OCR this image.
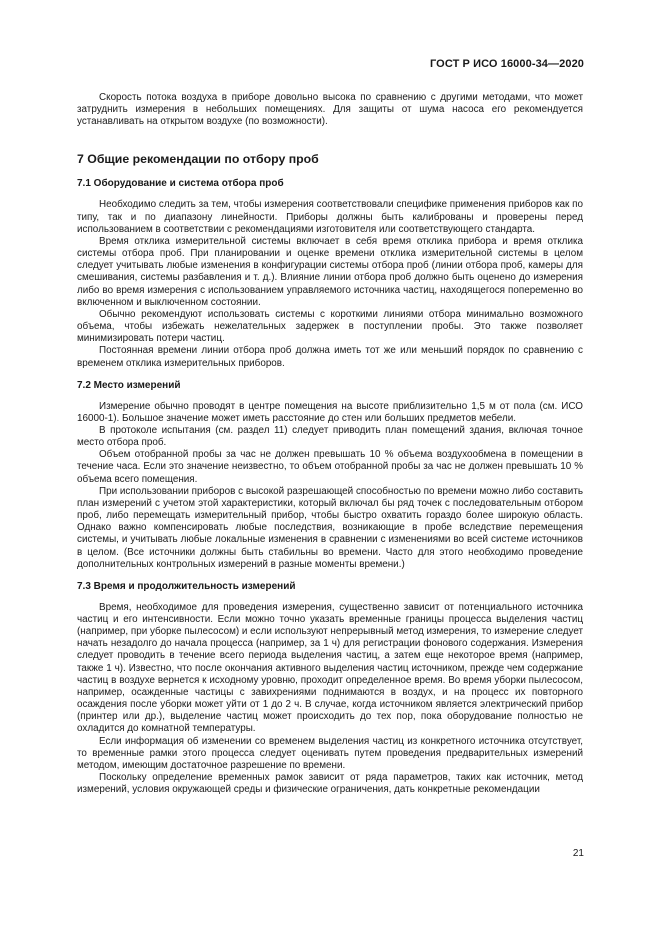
ГОСТ Р ИСО 16000-34—2020

Скорость потока воздуха в приборе довольно высока по сравнению с другими методами, что может затруднить измерения в небольших помещениях. Для защиты от шума насоса его рекомендуется устанавливать на открытом воздухе (по возможности).

7 Общие рекомендации по отбору проб
7.1 Оборудование и система отбора проб

Необходимо следить за тем, чтобы измерения соответствовали специфике применения приборов как по типу, так и по диапазону линейности. Приборы должны быть калиброваны и проверены перед использованием в соответствии с рекомендациями изготовителя или соответствующего стандарта.

Время отклика измерительной системы включает в себя время отклика прибора и время отклика системы отбора проб. При планировании и оценке времени отклика измерительной системы в целом следует учитывать любые изменения в конфигурации системы отбора проб (линии отбора проб, камеры для смешивания, системы разбавления и т. д.). Влияние линии отбора проб должно быть оценено до измерения либо во время измерения с использованием управляемого источника частиц, находящегося попеременно во включенном и выключенном состоянии.

Обычно рекомендуют использовать системы с короткими линиями отбора минимально возможного объема, чтобы избежать нежелательных задержек в поступлении пробы. Это также позволяет минимизировать потери частиц.

Постоянная времени линии отбора проб должна иметь тот же или меньший порядок по сравнению с временем отклика измерительных приборов.

7.2 Место измерений

Измерение обычно проводят в центре помещения на высоте приблизительно 1,5 м от пола (см. ИСО 16000-1). Большое значение может иметь расстояние до стен или больших предметов мебели.

В протоколе испытания (см. раздел 11) следует приводить план помещений здания, включая точное место отбора проб.

Объем отобранной пробы за час не должен превышать 10 % объема воздухообмена в помещении в течение часа. Если это значение неизвестно, то объем отобранной пробы за час не должен превышать 10 % объема всего помещения.

При использовании приборов с высокой разрешающей способностью по времени можно либо составить план измерений с учетом этой характеристики, который включал бы ряд точек с последовательным отбором проб, либо перемещать измерительный прибор, чтобы быстро охватить гораздо более широкую область. Однако важно компенсировать любые последствия, возникающие в пробе вследствие перемещения системы, и учитывать любые локальные изменения в сравнении с изменениями во всей системе источников в целом. (Все источники должны быть стабильны во времени. Часто для этого необходимо проведение дополнительных контрольных измерений в разные моменты времени.)

7.3 Время и продолжительность измерений

Время, необходимое для проведения измерения, существенно зависит от потенциального источника частиц и его интенсивности. Если можно точно указать временные границы процесса выделения частиц (например, при уборке пылесосом) и если используют непрерывный метод измерения, то измерение следует начать незадолго до начала процесса (например, за 1 ч) для регистрации фонового содержания. Измерения следует проводить в течение всего периода выделения частиц, а затем еще некоторое время (например, также 1 ч). Известно, что после окончания активного выделения частиц источником, прежде чем содержание частиц в воздухе вернется к исходному уровню, проходит определенное время. Во время уборки пылесосом, например, осажденные частицы с завихрениями поднимаются в воздух, и на процесс их повторного осаждения после уборки может уйти от 1 до 2 ч. В случае, когда источником является электрический прибор (принтер или др.), выделение частиц может происходить до тех пор, пока оборудование полностью не охладится до комнатной температуры.

Если информация об изменении со временем выделения частиц из конкретного источника отсутствует, то временные рамки этого процесса следует оценивать путем проведения предварительных измерений методом, имеющим достаточное разрешение по времени.

Поскольку определение временных рамок зависит от ряда параметров, таких как источник, метод измерений, условия окружающей среды и физические ограничения, дать конкретные рекомендации

21
